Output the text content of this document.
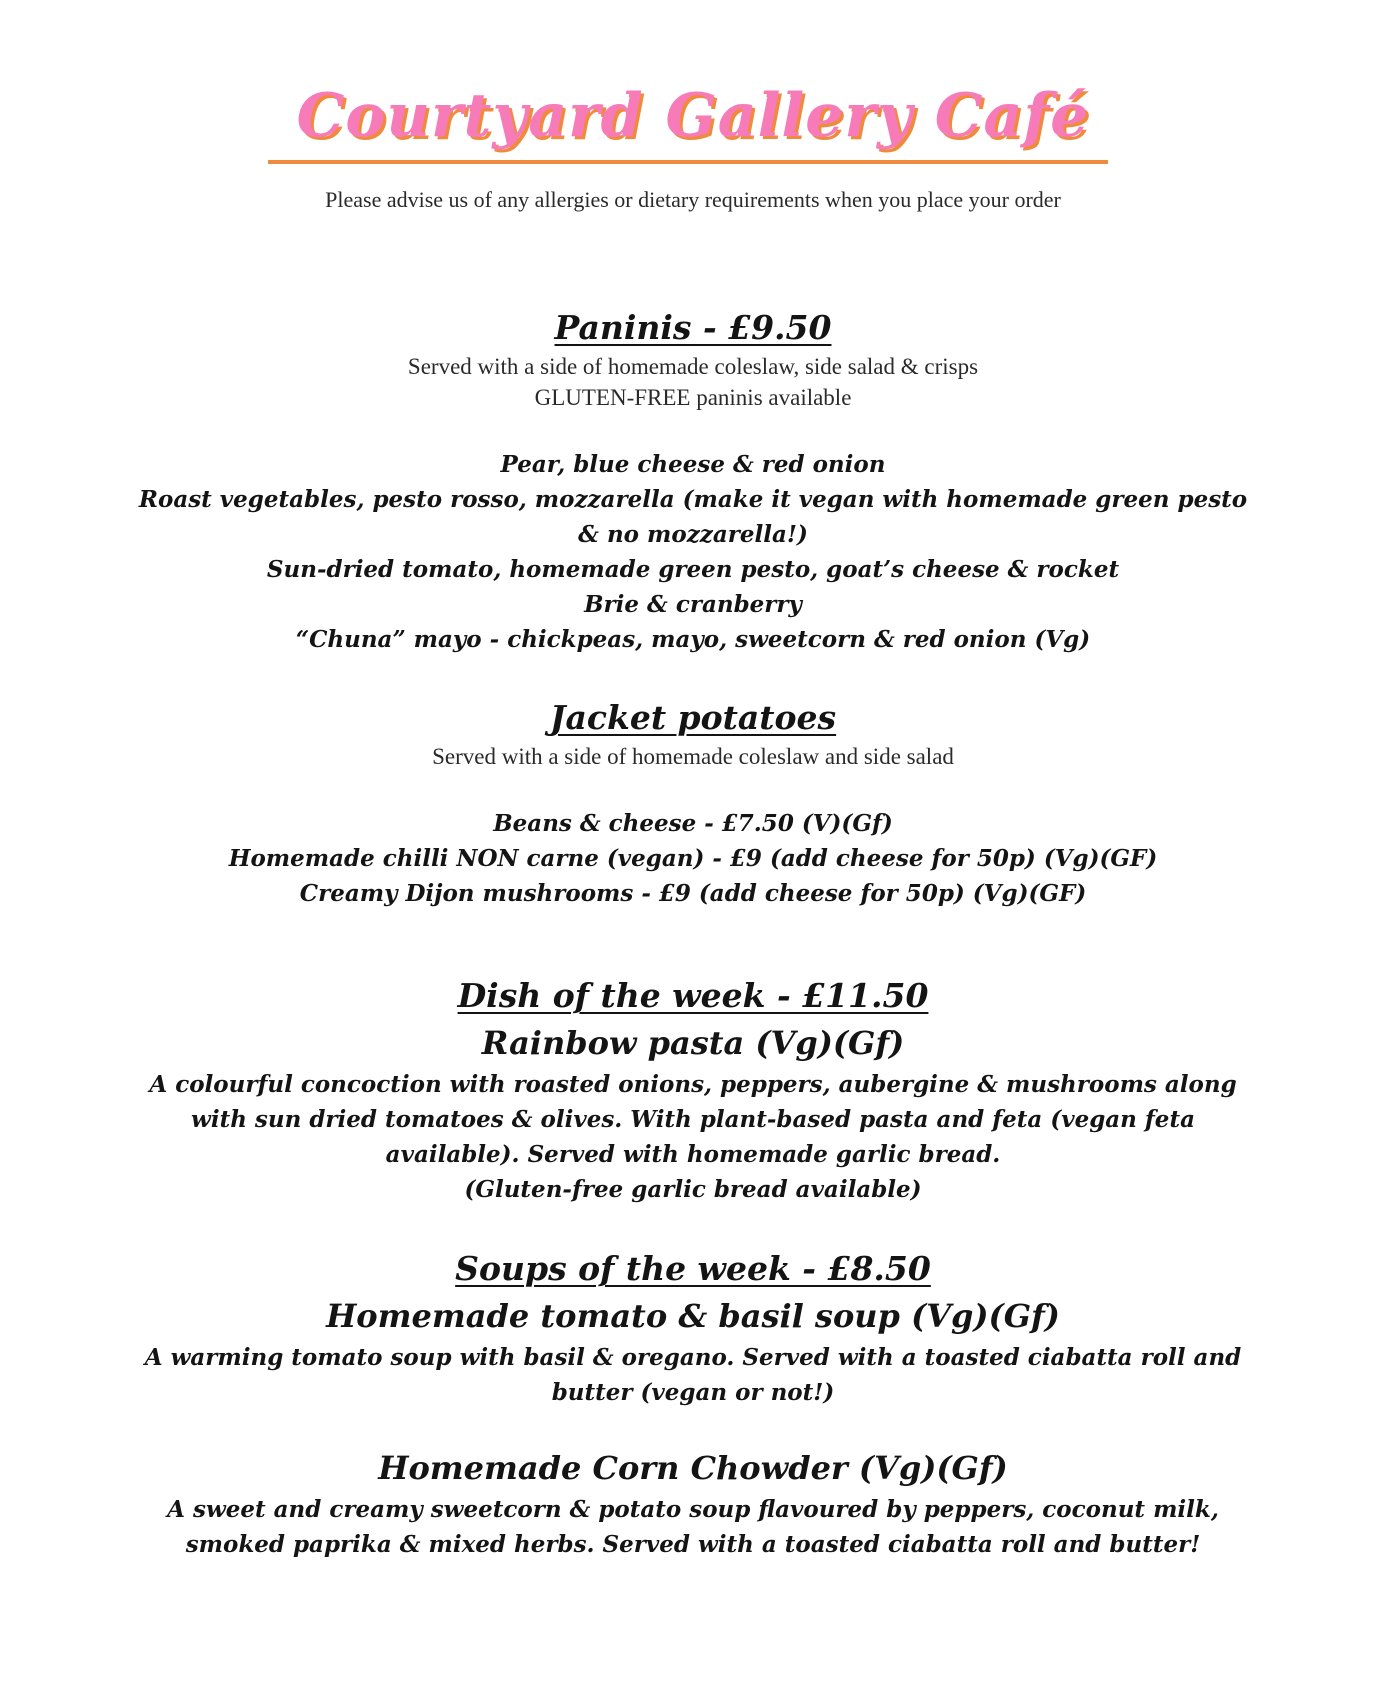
Courtyard Gallery Café
Please advise us of any allergies or dietary requirements when you place your order
Paninis - £9.50
Served with a side of homemade coleslaw, side salad & crisps
GLUTEN-FREE paninis available
Pear, blue cheese & red onion
Roast vegetables, pesto rosso, mozzarella (make it vegan with homemade green pesto
& no mozzarella!)
Sun-dried tomato, homemade green pesto, goat’s cheese & rocket
Brie & cranberry
“Chuna” mayo - chickpeas, mayo, sweetcorn & red onion (Vg)
Jacket potatoes
Served with a side of homemade coleslaw and side salad
Beans & cheese - £7.50 (V)(Gf)
Homemade chilli NON carne (vegan) - £9 (add cheese for 50p) (Vg)(GF)
Creamy Dijon mushrooms - £9 (add cheese for 50p) (Vg)(GF)
Dish of the week - £11.50
Rainbow pasta (Vg)(Gf)
A colourful concoction with roasted onions, peppers, aubergine & mushrooms along with sun dried tomatoes & olives. With plant-based pasta and feta (vegan feta available). Served with homemade garlic bread.
(Gluten-free garlic bread available)
Soups of the week - £8.50
Homemade tomato & basil soup (Vg)(Gf)
A warming tomato soup with basil & oregano. Served with a toasted ciabatta roll and butter (vegan or not!)
Homemade Corn Chowder (Vg)(Gf)
A sweet and creamy sweetcorn & potato soup flavoured by peppers, coconut milk, smoked paprika & mixed herbs. Served with a toasted ciabatta roll and butter!
